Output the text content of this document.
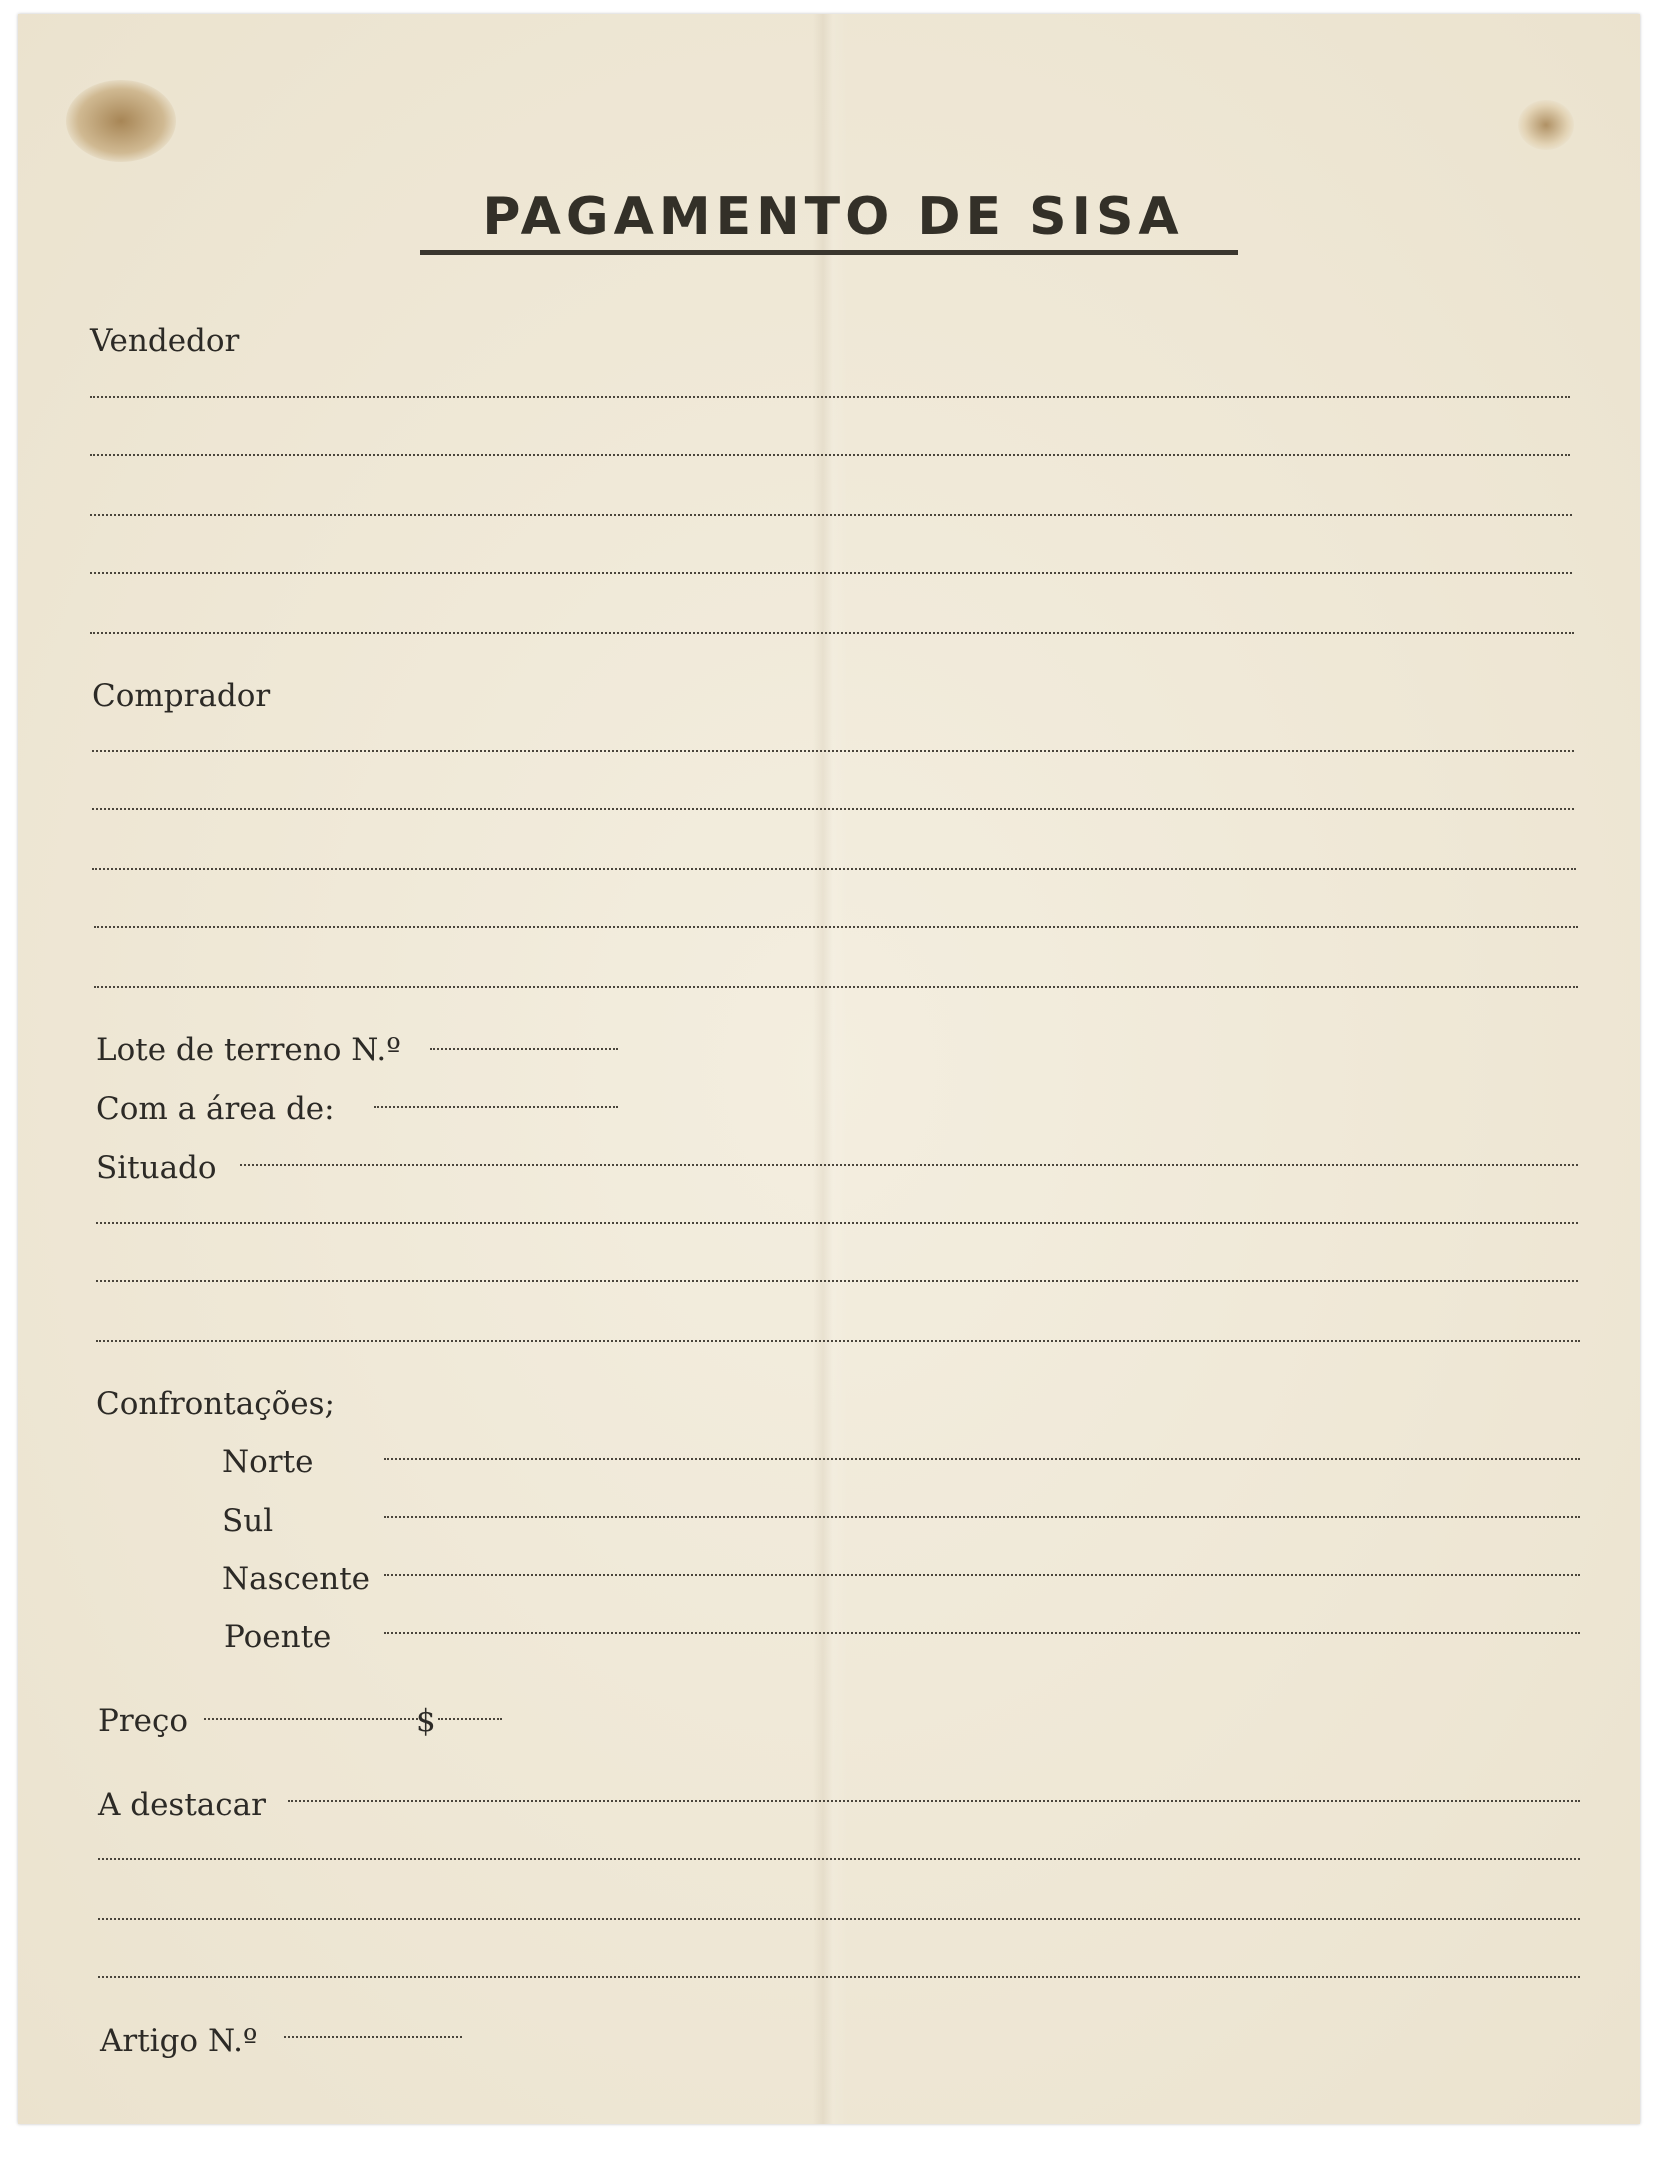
PAGAMENTO DE SISA
Vendedor
Comprador
Lote de terreno N.º
Com a área de:
Situado
Confrontações;
Norte
Sul
Nascente
Poente
Preço	$
A destacar
Artigo N.º
